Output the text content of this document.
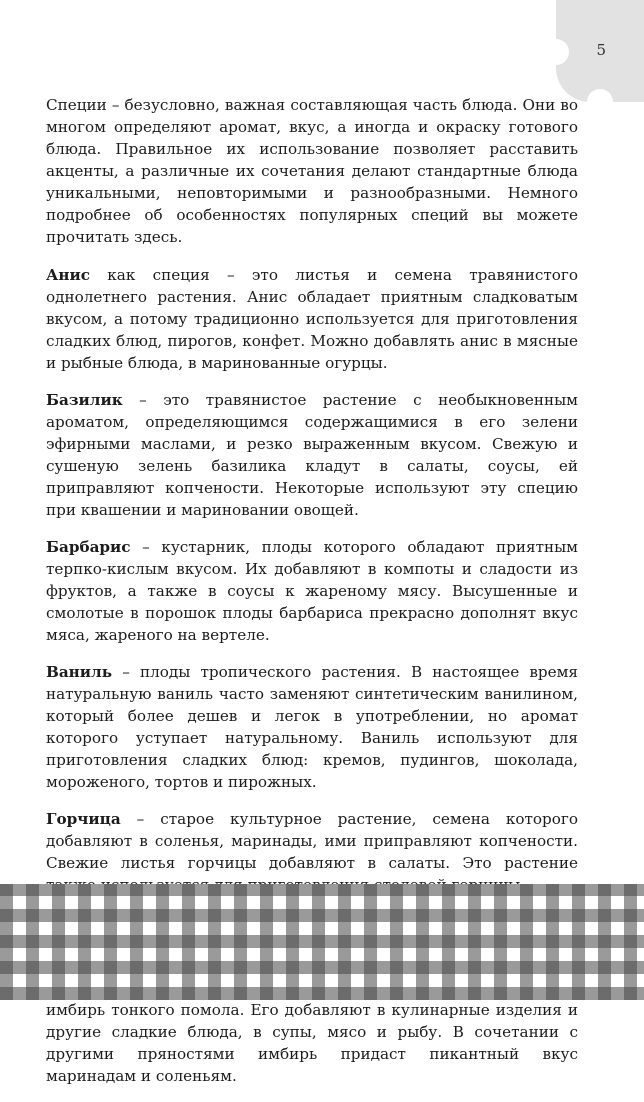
5

Специи – безусловно, важная составляющая часть блюда. Они во многом определяют аромат, вкус, а иногда и окраску готового блюда. Правильное их использование позволяет расставить акценты, а различные их сочетания делают стандартные блюда уникальными, неповторимыми и разнообразными. Немного подробнее об особенностях популярных специй вы можете прочитать здесь.

Анис как специя – это листья и семена травянистого однолетнего растения. Анис обладает приятным сладковатым вкусом, а потому традиционно используется для приготовления сладких блюд, пирогов, конфет. Можно добавлять анис в мясные и рыбные блюда, в маринованные огурцы.

Базилик – это травянистое растение с необыкновенным ароматом, определяющимся содержащимися в его зелени эфирными маслами, и резко выраженным вкусом. Свежую и сушеную зелень базилика кладут в салаты, соусы, ей приправляют копчености. Некоторые используют эту специю при квашении и мариновании овощей.

Барбарис – кустарник, плоды которого обладают приятным терпко-кислым вкусом. Их добавляют в компоты и сладости из фруктов, а также в соусы к жареному мясу. Высушенные и смолотые в порошок плоды барбариса прекрасно дополнят вкус мяса, жареного на вертеле.

Ваниль – плоды тропического растения. В настоящее время натуральную ваниль часто заменяют синтетическим ванилином, который более дешев и легок в употреблении, но аромат которого уступает натуральному. Ваниль используют для приготовления сладких блюд: кремов, пудингов, шоколада, мороженого, тортов и пирожных.

Горчица – старое культурное растение, семена которого добавляют в соленья, маринады, ими приправляют копчености. Свежие листья горчицы добавляют в салаты. Это растение

имбирь тонкого помола. Его добавляют в кулинарные изделия и другие сладкие блюда, в супы, мясо и рыбу. В сочетании с другими пряностями имбирь придаст пикантный вкус маринадам и соленьям.
